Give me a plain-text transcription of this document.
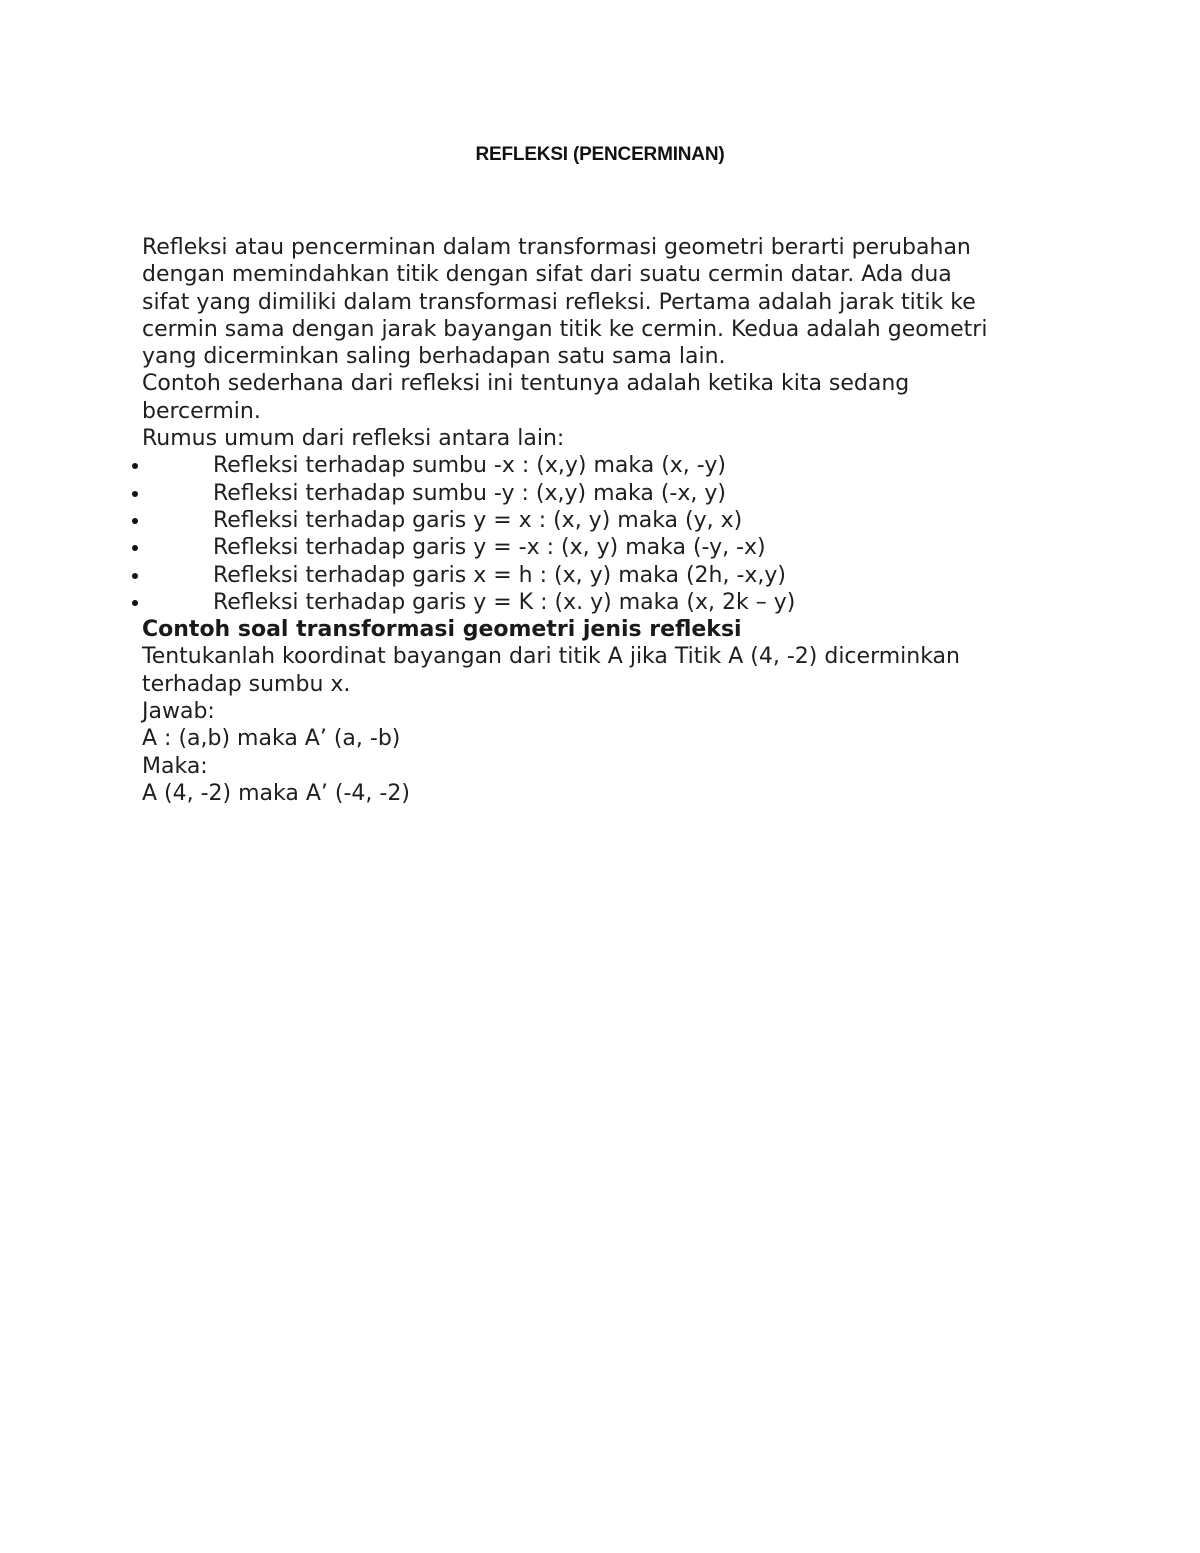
REFLEKSI (PENCERMINAN)

Refleksi atau pencerminan dalam transformasi geometri berarti perubahan

dengan memindahkan titik dengan sifat dari suatu cermin datar. Ada dua

sifat yang dimiliki dalam transformasi refleksi. Pertama adalah jarak titik ke

cermin sama dengan jarak bayangan titik ke cermin. Kedua adalah geometri

yang dicerminkan saling berhadapan satu sama lain.

Contoh sederhana dari refleksi ini tentunya adalah ketika kita sedang

bercermin.

Rumus umum dari refleksi antara lain:

Refleksi terhadap sumbu -x : (x,y) maka (x, -y)
Refleksi terhadap sumbu -y : (x,y) maka (-x, y)
Refleksi terhadap garis y = x : (x, y) maka (y, x)
Refleksi terhadap garis y = -x : (x, y) maka (-y, -x)
Refleksi terhadap garis x = h : (x, y) maka (2h, -x,y)
Refleksi terhadap garis y = K : (x. y) maka (x, 2k – y)

Contoh soal transformasi geometri jenis refleksi

Tentukanlah koordinat bayangan dari titik A jika Titik A (4, -2) dicerminkan

terhadap sumbu x.

Jawab:

A : (a,b) maka A’ (a, -b)

Maka:

A (4, -2) maka A’ (-4, -2)
